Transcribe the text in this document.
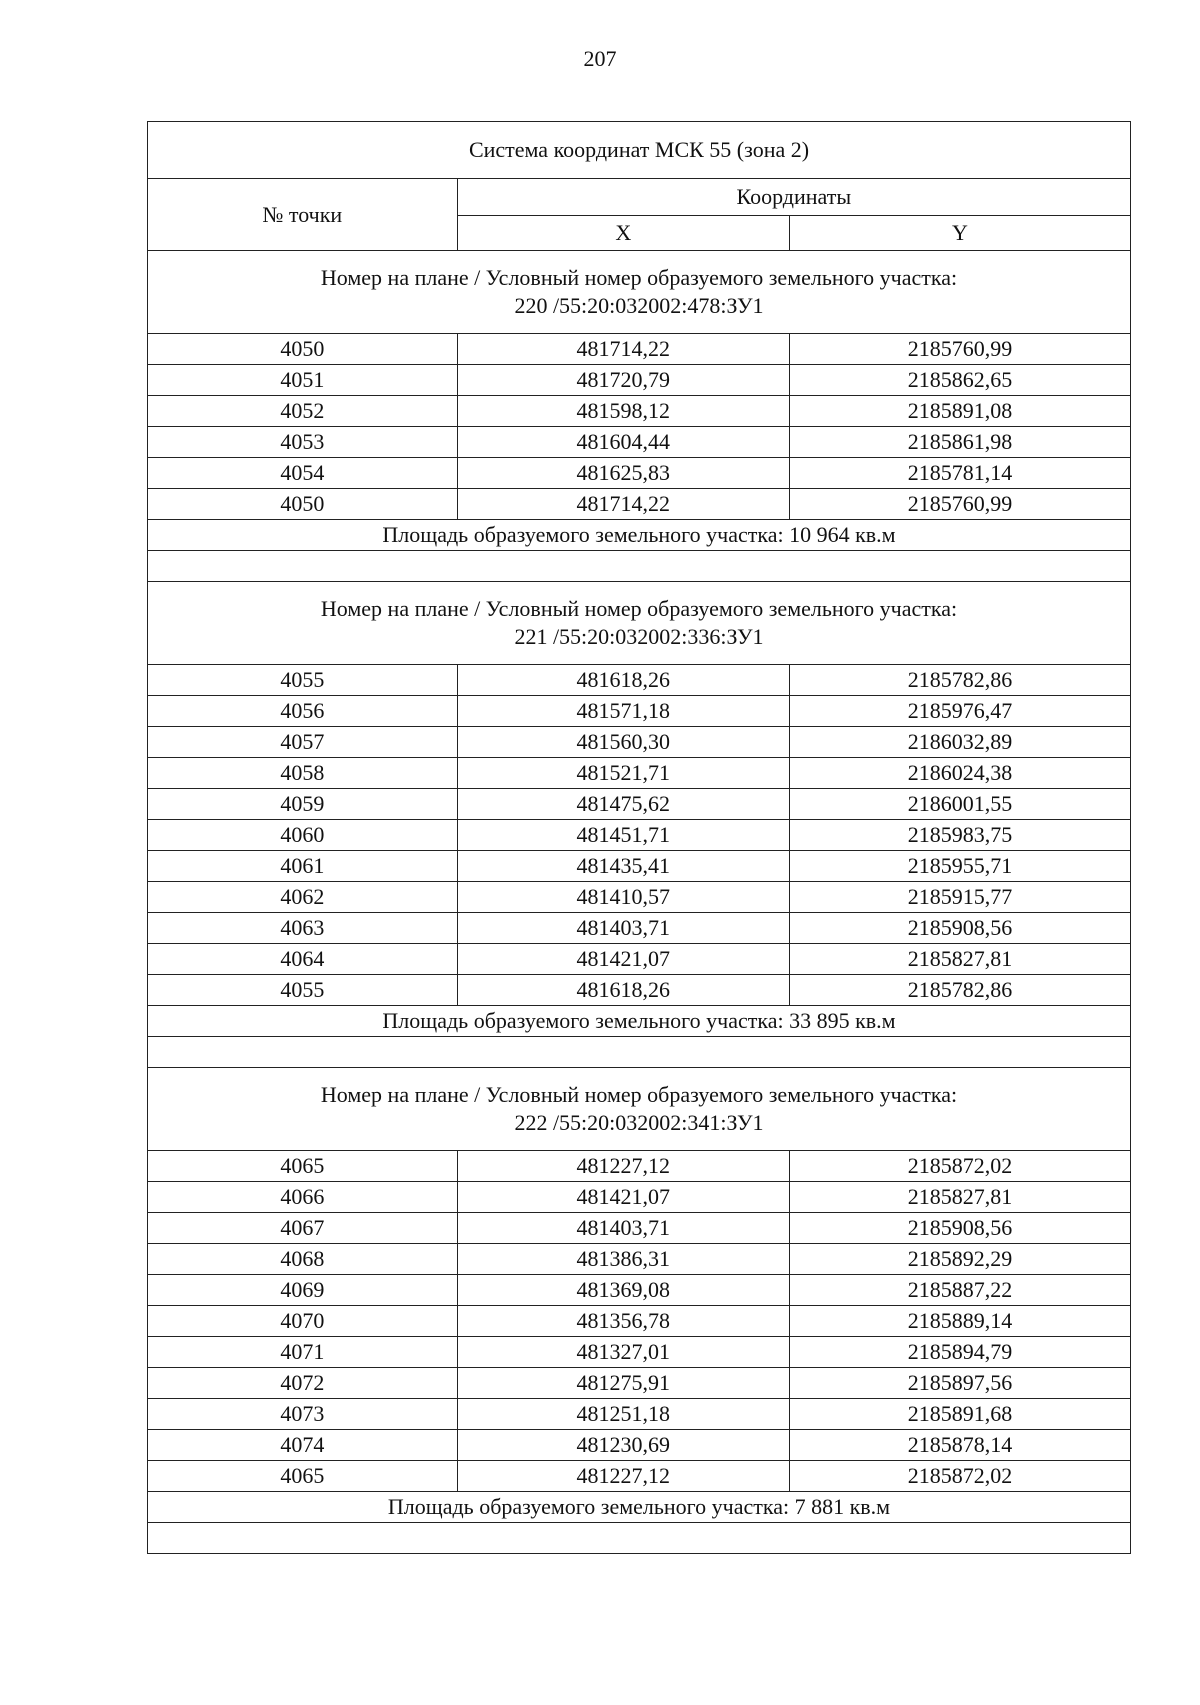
207
Система координат МСК 55 (зона 2)		
№ точки	Координаты	
	X	Y

Номер на плане / Условный номер образуемого земельного участка:
220 /55:20:032002:478:ЗУ1		

4050	481714,22	2185760,99
4051	481720,79	2185862,65
4052	481598,12	2185891,08
4053	481604,44	2185861,98
4054	481625,83	2185781,14
4050	481714,22	2185760,99
Площадь образуемого земельного участка: 10 964 кв.м		

Номер на плане / Условный номер образуемого земельного участка:
221 /55:20:032002:336:ЗУ1		

4055	481618,26	2185782,86
4056	481571,18	2185976,47
4057	481560,30	2186032,89
4058	481521,71	2186024,38
4059	481475,62	2186001,55
4060	481451,71	2185983,75
4061	481435,41	2185955,71
4062	481410,57	2185915,77
4063	481403,71	2185908,56
4064	481421,07	2185827,81
4055	481618,26	2185782,86
Площадь образуемого земельного участка: 33 895 кв.м		

Номер на плане / Условный номер образуемого земельного участка:
222 /55:20:032002:341:ЗУ1		

4065	481227,12	2185872,02
4066	481421,07	2185827,81
4067	481403,71	2185908,56
4068	481386,31	2185892,29
4069	481369,08	2185887,22
4070	481356,78	2185889,14
4071	481327,01	2185894,79
4072	481275,91	2185897,56
4073	481251,18	2185891,68
4074	481230,69	2185878,14
4065	481227,12	2185872,02
Площадь образуемого земельного участка: 7 881 кв.м		
